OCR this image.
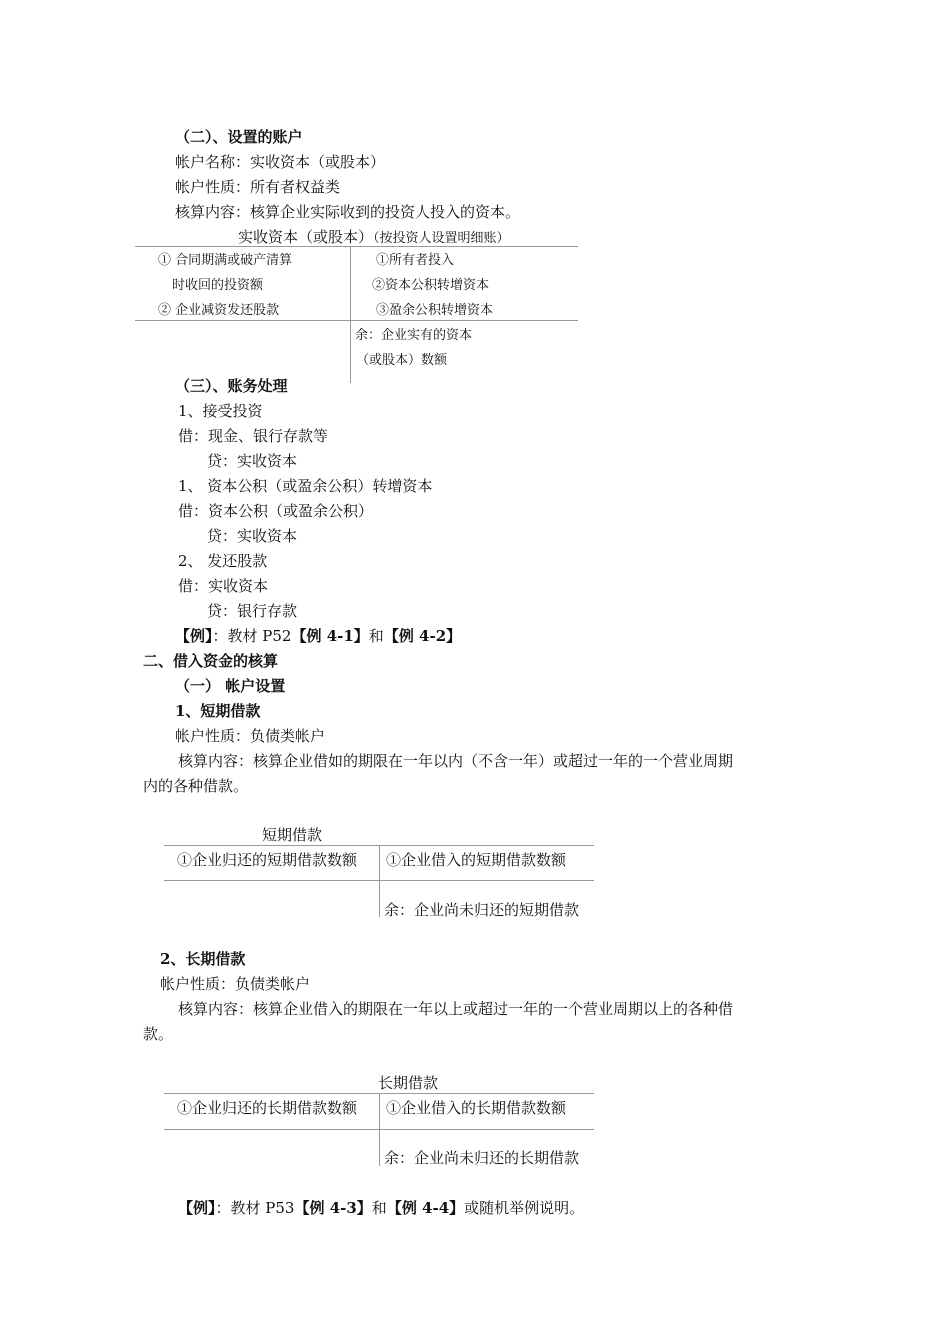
（二）、设置的账户
帐户名称：实收资本（或股本）
帐户性质：所有者权益类
核算内容：核算企业实际收到的投资人投入的资本。
实收资本（或股本）（按投资人设置明细账）
① 合同期满或破产清算
时收回的投资额
② 企业减资发还股款
①所有者投入
②资本公积转增资本
③盈余公积转增资本
余：企业实有的资本
（或股本）数额
（三）、账务处理
1、接受投资
借：现金、银行存款等
贷：实收资本
1、 资本公积（或盈余公积）转增资本
借：资本公积（或盈余公积）
贷：实收资本
2、 发还股款
借：实收资本
贷：银行存款
【例】：教材 P52【例 4-1】和【例 4-2】
二、借入资金的核算
（一） 帐户设置
1、短期借款
帐户性质：负债类帐户
核算内容：核算企业借如的期限在一年以内（不含一年）或超过一年的一个营业周期
内的各种借款。
短期借款
①企业归还的短期借款数额 ①企业借入的短期借款数额
余：企业尚未归还的短期借款
2、长期借款
帐户性质：负债类帐户
核算内容：核算企业借入的期限在一年以上或超过一年的一个营业周期以上的各种借
款。
长期借款
①企业归还的长期借款数额 ①企业借入的长期借款数额
余：企业尚未归还的长期借款
【例】：教材 P53【例 4-3】和【例 4-4】或随机举例说明。
